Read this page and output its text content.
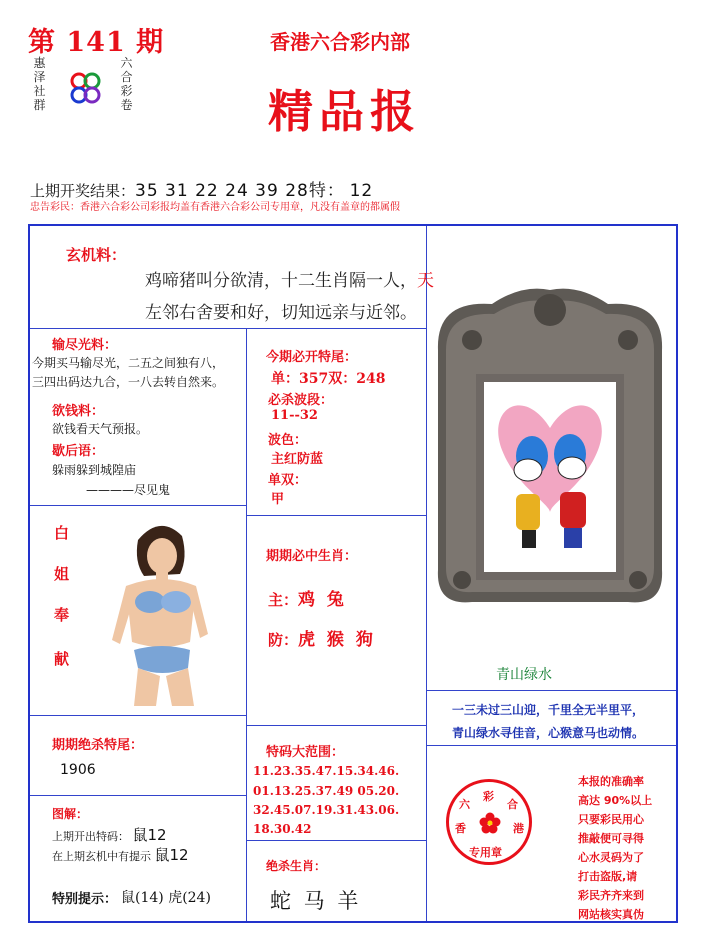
第 141 期
惠
泽
社
群
六
合
彩
卷
香港六合彩内部
精品报
上期开奖结果：35 31 22 24 39 28特： 12
忠告彩民：香港六合彩公司彩报均盖有香港六合彩公司专用章，凡没有盖章的都属假
玄机料：
鸡啼猪叫分欲清，十二生肖隔一人，天
左邻右舍要和好，切知远亲与近邻。
输尽光料：
今期买马输尽光，二五之间独有八，
三四出码达九合，一八去转自然来。
欲钱料：
欲钱看天气预报。
歇后语：
躲雨躲到城隍庙
————尽见鬼
今期必开特尾：
单：357双：248
必杀波段：
11--32
波色：
主红防蓝
单双：
甲
白
姐
奉
献
期期必中生肖：
主：鸡 兔
防：虎 猴 狗
青山绿水
一三未过三山迎，千里全无半里平，
青山绿水寻佳音，心猴意马也动情。
期期绝杀特尾：
1906
特码大范围：
11.23.35.47.15.34.46.
01.13.25.37.49 05.20.
32.45.07.19.31.43.06.
18.30.42
图解：
上期开出特码： 鼠12
在上期玄机中有提示 鼠12
特别提示： 鼠(14) 虎(24)
绝杀生肖：
蛇 马 羊
六
彩
合
香	港
专用章
本报的准确率
高达 90%以上
只要彩民用心
推敲便可寻得
心水灵码为了
打击盗版,请
彩民齐齐来到
网站核实真伪
